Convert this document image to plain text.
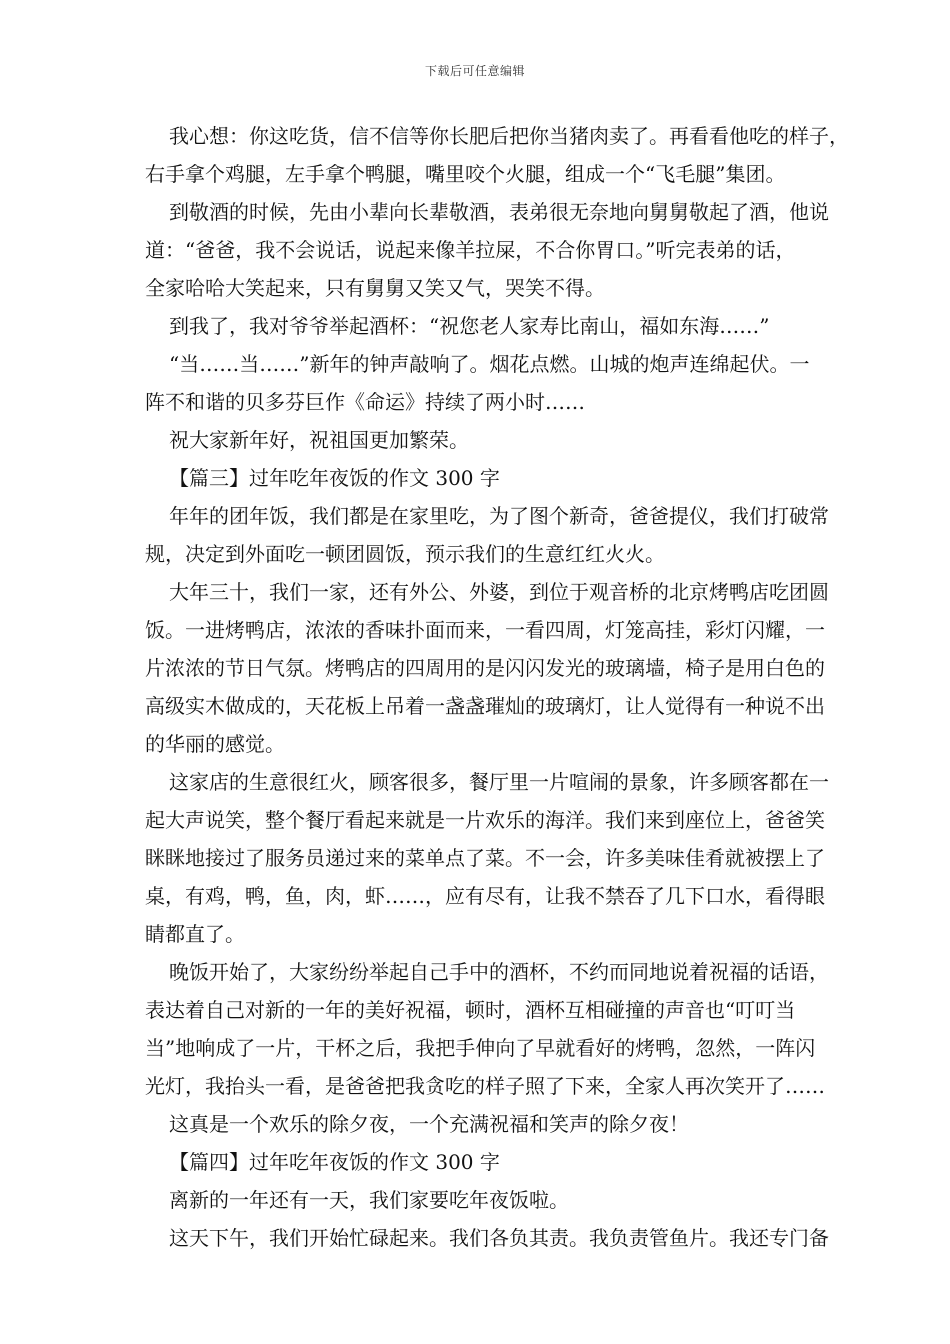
下载后可任意编辑
我心想：你这吃货，信不信等你长肥后把你当猪肉卖了。再看看他吃的样子，
右手拿个鸡腿，左手拿个鸭腿，嘴里咬个火腿，组成一个“飞毛腿”集团。
到敬酒的时候，先由小辈向长辈敬酒，表弟很无奈地向舅舅敬起了酒，他说
道：“爸爸，我不会说话，说起来像羊拉屎，不合你胃口。”听完表弟的话，
全家哈哈大笑起来，只有舅舅又笑又气，哭笑不得。
到我了，我对爷爷举起酒杯：“祝您老人家寿比南山，福如东海……”
“当……当……”新年的钟声敲响了。烟花点燃。山城的炮声连绵起伏。一
阵不和谐的贝多芬巨作《命运》持续了两小时……
祝大家新年好，祝祖国更加繁荣。
【篇三】过年吃年夜饭的作文 300 字
年年的团年饭，我们都是在家里吃，为了图个新奇，爸爸提仪，我们打破常
规，决定到外面吃一顿团圆饭，预示我们的生意红红火火。
大年三十，我们一家，还有外公、外婆，到位于观音桥的北京烤鸭店吃团圆
饭。一进烤鸭店，浓浓的香味扑面而来，一看四周，灯笼高挂，彩灯闪耀，一
片浓浓的节日气氛。烤鸭店的四周用的是闪闪发光的玻璃墙，椅子是用白色的
高级实木做成的，天花板上吊着一盏盏璀灿的玻璃灯，让人觉得有一种说不出
的华丽的感觉。
这家店的生意很红火，顾客很多，餐厅里一片喧闹的景象，许多顾客都在一
起大声说笑，整个餐厅看起来就是一片欢乐的海洋。我们来到座位上，爸爸笑
眯眯地接过了服务员递过来的菜单点了菜。不一会，许多美味佳肴就被摆上了
桌，有鸡，鸭，鱼，肉，虾……，应有尽有，让我不禁吞了几下口水，看得眼
睛都直了。
晚饭开始了，大家纷纷举起自己手中的酒杯，不约而同地说着祝福的话语，
表达着自己对新的一年的美好祝福，顿时，酒杯互相碰撞的声音也“叮叮当
当”地响成了一片，干杯之后，我把手伸向了早就看好的烤鸭，忽然，一阵闪
光灯，我抬头一看，是爸爸把我贪吃的样子照了下来，全家人再次笑开了……
这真是一个欢乐的除夕夜，一个充满祝福和笑声的除夕夜！
【篇四】过年吃年夜饭的作文 300 字
离新的一年还有一天，我们家要吃年夜饭啦。
这天下午，我们开始忙碌起来。我们各负其责。我负责管鱼片。我还专门备
